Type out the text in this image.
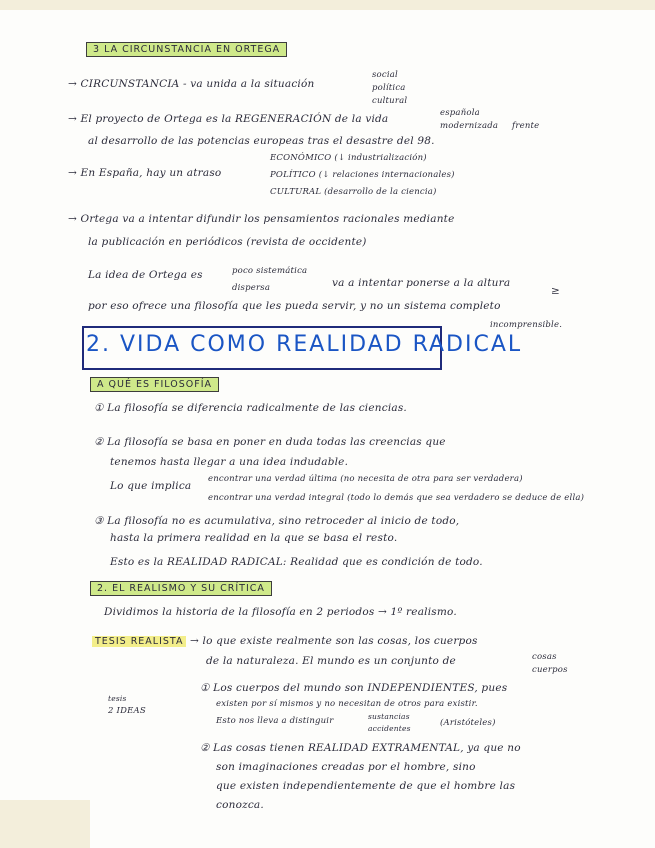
3 LA CIRCUNSTANCIA EN ORTEGA
→ CIRCUNSTANCIA - va unida a la situación
social
política
cultural
→ El proyecto de Ortega es la REGENERACIÓN de la vida	española
modernizada frente
al desarrollo de las potencias europeas tras el desastre del 98.
→ En España, hay un atraso
ECONÓMICO (↓ industrialización)
POLÍTICO (↓ relaciones internacionales)
CULTURAL (desarrollo de la ciencia)
→ Ortega va a intentar difundir los pensamientos racionales mediante
la publicación en periódicos (revista de occidente)
La idea de Ortega es	poco sistemática
dispersa	va a intentar ponerse a la altura
≥
por eso ofrece una filosofía que les pueda servir, y no un sistema completo
incomprensible.
2. VIDA COMO REALIDAD RADICAL
A QUÉ ES FILOSOFÍA
① La filosofía se diferencia radicalmente de las ciencias.
② La filosofía se basa en poner en duda todas las creencias que
tenemos hasta llegar a una idea indudable.
Lo que implica
encontrar una verdad última (no necesita de otra para ser verdadera)
encontrar una verdad integral (todo lo demás que sea verdadero se deduce de ella)
③ La filosofía no es acumulativa, sino retroceder al inicio de todo,
hasta la primera realidad en la que se basa el resto.
Esto es la REALIDAD RADICAL: Realidad que es condición de todo.
2. EL REALISMO Y SU CRÍTICA
Dividimos la historia de la filosofía en 2 periodos → 1º realismo.
TESIS REALISTA → lo que existe realmente son las cosas, los cuerpos
de la naturaleza. El mundo es un conjunto de	cosas
cuerpos
tesis
2 IDEAS
① Los cuerpos del mundo son INDEPENDIENTES, pues
existen por sí mismos y no necesitan de otros para existir.
Esto nos lleva a distinguir	sustancias
accidentes
(Aristóteles)
② Las cosas tienen REALIDAD EXTRAMENTAL, ya que no
son imaginaciones creadas por el hombre, sino
que existen independientemente de que el hombre las
conozca.
